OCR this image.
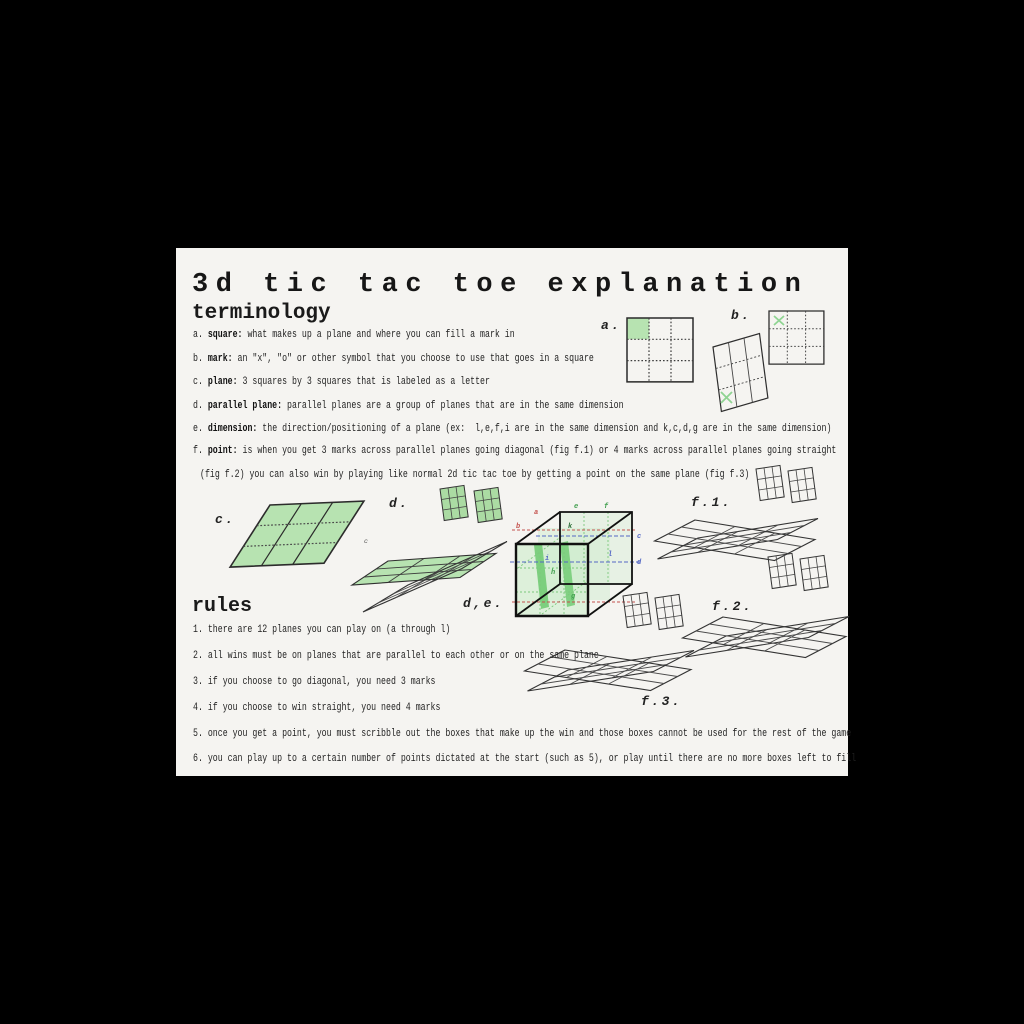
3d tic tac toe explanation
terminology
a. square: what makes up a plane and where you can fill a mark in
b. mark: an "x", "o" or other symbol that you choose to use that goes in a square
c. plane: 3 squares by 3 squares that is labeled as a letter
d. parallel plane: parallel planes are a group of planes that are in the same dimension
e. dimension: the direction/positioning of a plane (ex:  l,e,f,i are in the same dimension and k,c,d,g are in the same dimension)
f. point: is when you get 3 marks across parallel planes going diagonal (fig f.1) or 4 marks across parallel planes going straight
(fig f.2) you can also win by playing like normal 2d tic tac toe by getting a point on the same plane (fig f.3)
a.
b.
c.
c
d.
d,e.
a
b
e	f
k
c
d
i	l
h
g
f.1.
f.2.
f.3.
rules
1. there are 12 planes you can play on (a through l)
2. all wins must be on planes that are parallel to each other or on the same plane
3. if you choose to go diagonal, you need 3 marks
4. if you choose to win straight, you need 4 marks
5. once you get a point, you must scribble out the boxes that make up the win and those boxes cannot be used for the rest of the game
6. you can play up to a certain number of points dictated at the start (such as 5), or play until there are no more boxes left to fill
